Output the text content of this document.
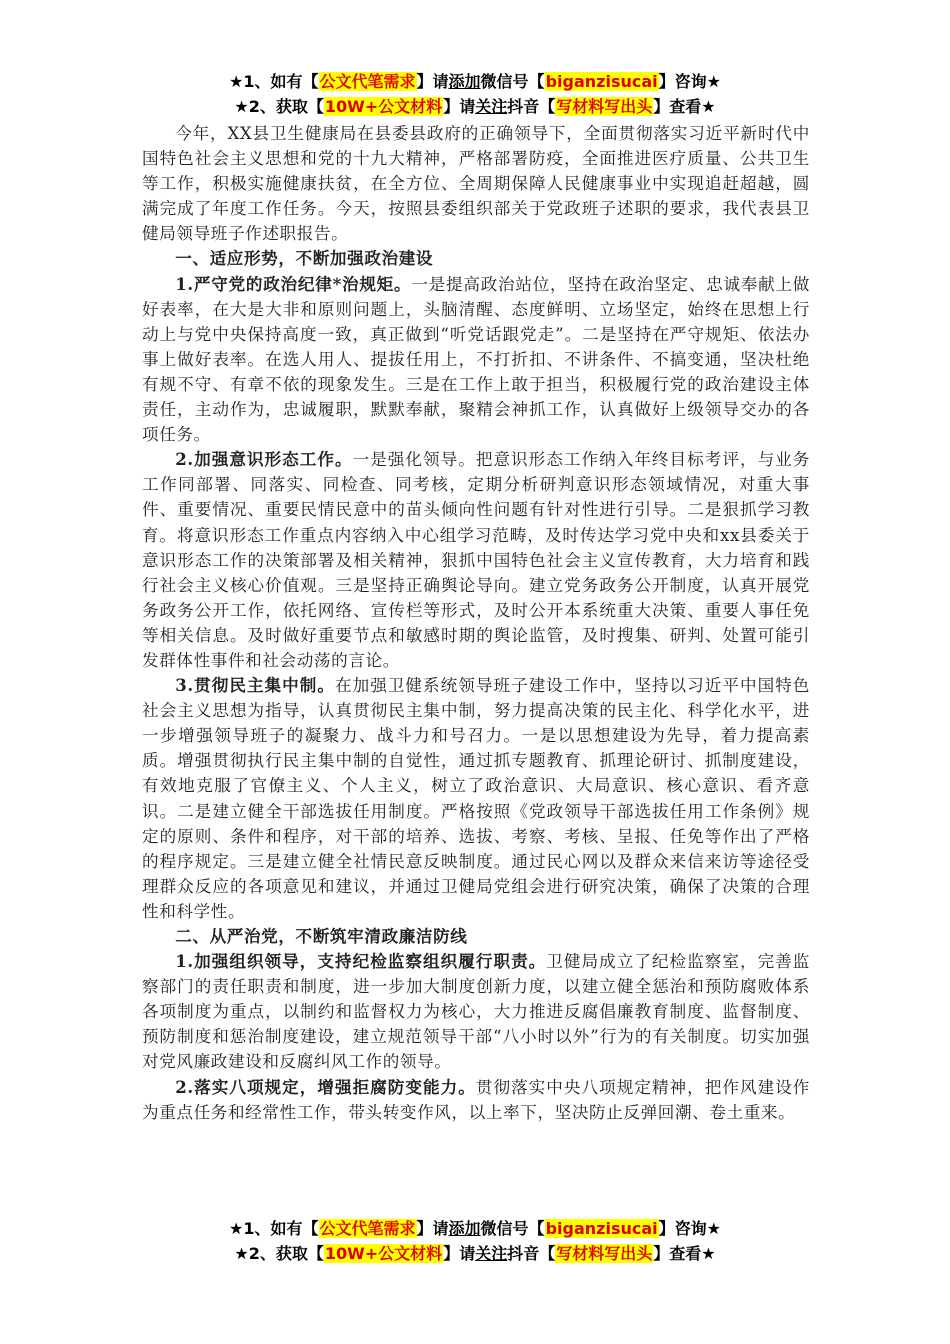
★1、如有【公文代笔需求】请添加微信号【biganzisucai】咨询★
★2、获取【10W+公文材料】请关注抖音【写材料写出头】查看★

今年，XX县卫生健康局在县委县政府的正确领导下，全面贯彻落实习近平新时代中国特色社会主义思想和党的十九大精神，严格部署防疫，全面推进医疗质量、公共卫生等工作，积极实施健康扶贫，在全方位、全周期保障人民健康事业中实现追赶超越，圆满完成了年度工作任务。今天，按照县委组织部关于党政班子述职的要求，我代表县卫健局领导班子作述职报告。

一、适应形势，不断加强政治建设

1.严守党的政治纪律*治规矩。一是提高政治站位，坚持在政治坚定、忠诚奉献上做好表率，在大是大非和原则问题上，头脑清醒、态度鲜明、立场坚定，始终在思想上行动上与党中央保持高度一致，真正做到“听党话跟党走”。二是坚持在严守规矩、依法办事上做好表率。在选人用人、提拔任用上，不打折扣、不讲条件、不搞变通，坚决杜绝有规不守、有章不依的现象发生。三是在工作上敢于担当，积极履行党的政治建设主体责任，主动作为，忠诚履职，默默奉献，聚精会神抓工作，认真做好上级领导交办的各项任务。

2.加强意识形态工作。一是强化领导。把意识形态工作纳入年终目标考评，与业务工作同部署、同落实、同检查、同考核，定期分析研判意识形态领域情况，对重大事件、重要情况、重要民情民意中的苗头倾向性问题有针对性进行引导。二是狠抓学习教育。将意识形态工作重点内容纳入中心组学习范畴，及时传达学习党中央和xx县委关于意识形态工作的决策部署及相关精神，狠抓中国特色社会主义宣传教育，大力培育和践行社会主义核心价值观。三是坚持正确舆论导向。建立党务政务公开制度，认真开展党务政务公开工作，依托网络、宣传栏等形式，及时公开本系统重大决策、重要人事任免等相关信息。及时做好重要节点和敏感时期的舆论监管，及时搜集、研判、处置可能引发群体性事件和社会动荡的言论。

3.贯彻民主集中制。在加强卫健系统领导班子建设工作中，坚持以习近平中国特色社会主义思想为指导，认真贯彻民主集中制，努力提高决策的民主化、科学化水平，进一步增强领导班子的凝聚力、战斗力和号召力。一是以思想建设为先导，着力提高素质。增强贯彻执行民主集中制的自觉性，通过抓专题教育、抓理论研讨、抓制度建设，有效地克服了官僚主义、个人主义，树立了政治意识、大局意识、核心意识、看齐意识。二是建立健全干部选拔任用制度。严格按照《党政领导干部选拔任用工作条例》规定的原则、条件和程序，对干部的培养、选拔、考察、考核、呈报、任免等作出了严格的程序规定。三是建立健全社情民意反映制度。通过民心网以及群众来信来访等途径受理群众反应的各项意见和建议，并通过卫健局党组会进行研究决策，确保了决策的合理性和科学性。

二、从严治党，不断筑牢清政廉洁防线

1.加强组织领导，支持纪检监察组织履行职责。卫健局成立了纪检监察室，完善监察部门的责任职责和制度，进一步加大制度创新力度，以建立健全惩治和预防腐败体系各项制度为重点，以制约和监督权力为核心，大力推进反腐倡廉教育制度、监督制度、预防制度和惩治制度建设，建立规范领导干部“八小时以外”行为的有关制度。切实加强对党风廉政建设和反腐纠风工作的领导。

2.落实八项规定，增强拒腐防变能力。贯彻落实中央八项规定精神，把作风建设作为重点任务和经常性工作，带头转变作风，以上率下，坚决防止反弹回潮、卷土重来。

★1、如有【公文代笔需求】请添加微信号【biganzisucai】咨询★
★2、获取【10W+公文材料】请关注抖音【写材料写出头】查看★
